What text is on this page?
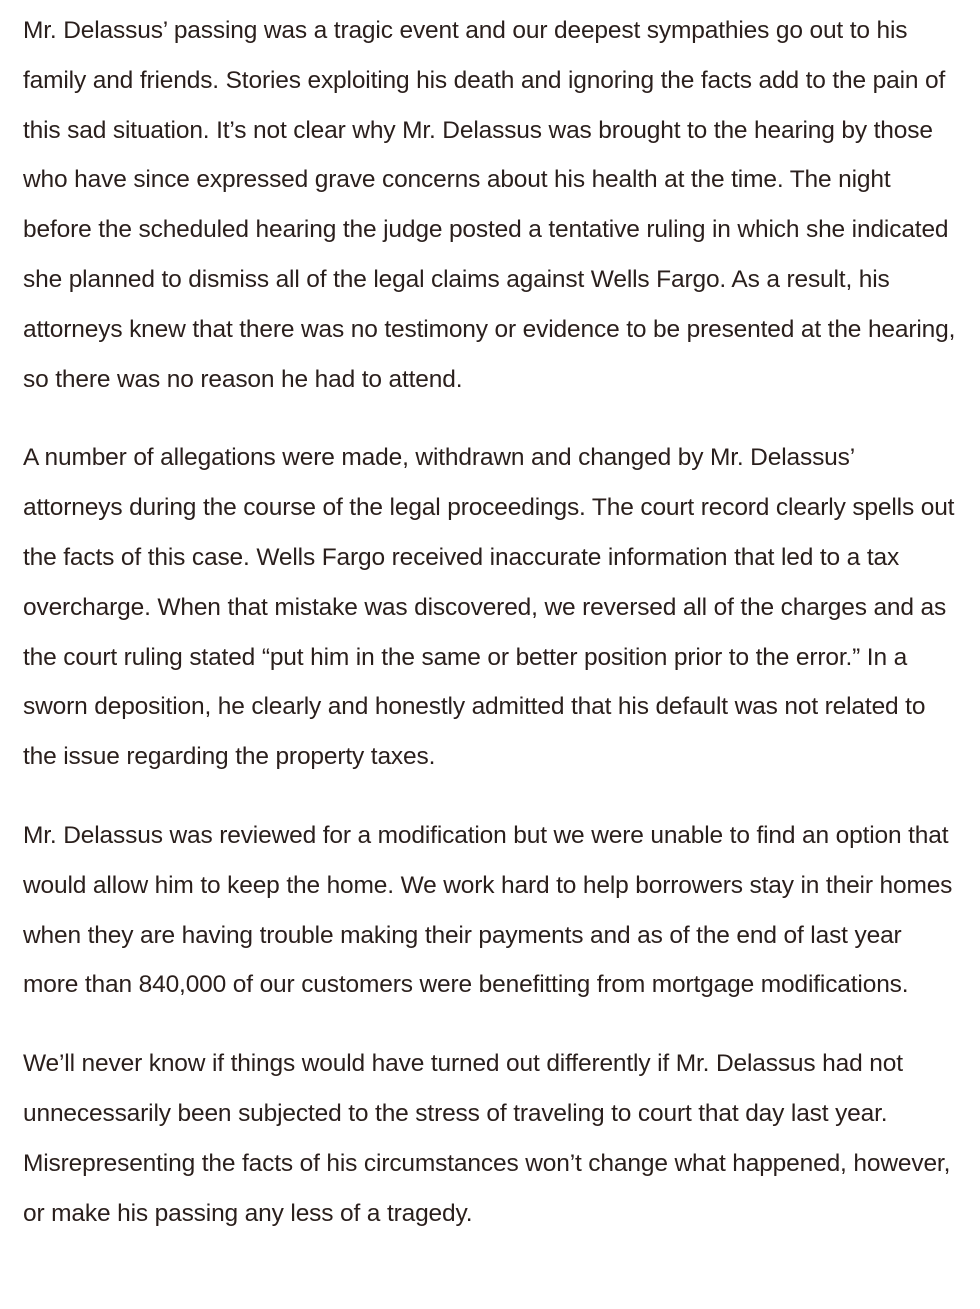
Mr. Delassus’ passing was a tragic event and our deepest sympathies go out to his family and friends. Stories exploiting his death and ignoring the facts add to the pain of this sad situation. It’s not clear why Mr. Delassus was brought to the hearing by those who have since expressed grave concerns about his health at the time. The night before the scheduled hearing the judge posted a tentative ruling in which she indicated she planned to dismiss all of the legal claims against Wells Fargo. As a result, his attorneys knew that there was no testimony or evidence to be presented at the hearing, so there was no reason he had to attend.

A number of allegations were made, withdrawn and changed by Mr. Delassus’ attorneys during the course of the legal proceedings. The court record clearly spells out the facts of this case. Wells Fargo received inaccurate information that led to a tax overcharge. When that mistake was discovered, we reversed all of the charges and as the court ruling stated “put him in the same or better position prior to the error.” In a sworn deposition, he clearly and honestly admitted that his default was not related to the issue regarding the property taxes.

Mr. Delassus was reviewed for a modification but we were unable to find an option that would allow him to keep the home. We work hard to help borrowers stay in their homes when they are having trouble making their payments and as of the end of last year more than 840,000 of our customers were benefitting from mortgage modifications.

We’ll never know if things would have turned out differently if Mr. Delassus had not unnecessarily been subjected to the stress of traveling to court that day last year. Misrepresenting the facts of his circumstances won’t change what happened, however, or make his passing any less of a tragedy.
